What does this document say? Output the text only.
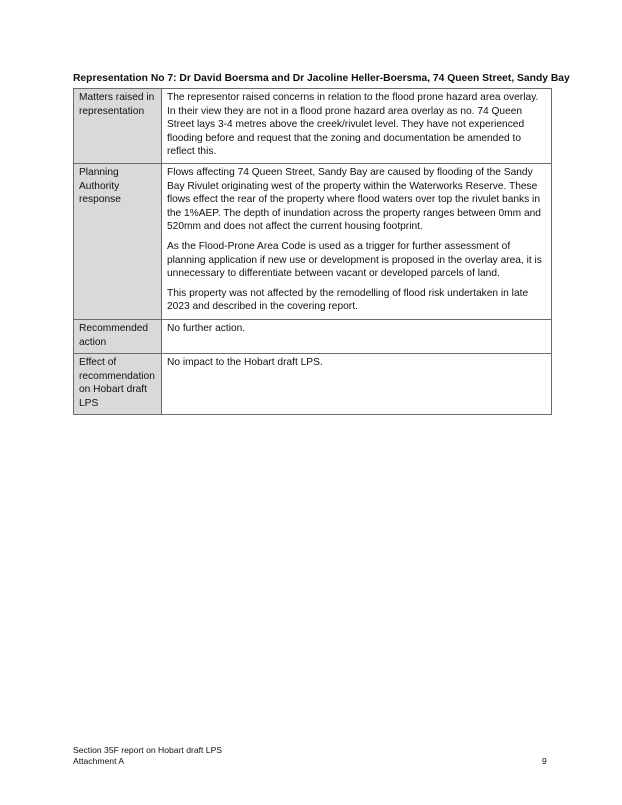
Representation No 7: Dr David Boersma and Dr Jacoline Heller-Boersma, 74 Queen Street, Sandy Bay
Matters raised in representation	The representor raised concerns in relation to the flood prone hazard area overlay. In their view they are not in a flood prone hazard area overlay as no. 74 Queen Street lays 3-4 metres above the creek/rivulet level. They have not experienced flooding before and request that the zoning and documentation be amended to reflect this.

Planning Authority response	Flows affecting 74 Queen Street, Sandy Bay are caused by flooding of the Sandy Bay Rivulet originating west of the property within the Waterworks Reserve. These flows effect the rear of the property where flood waters over top the rivulet banks in the 1%AEP. The depth of inundation across the property ranges between 0mm and 520mm and does not affect the current housing footprint.

As the Flood-Prone Area Code is used as a trigger for further assessment of planning application if new use or development is proposed in the overlay area, it is unnecessary to differentiate between vacant or developed parcels of land.

This property was not affected by the remodelling of flood risk undertaken in late 2023 and described in the covering report.

Recommended action	No further action.

Effect of recommendation on Hobart draft LPS	No impact to the Hobart draft LPS.

Section 35F report on Hobart draft LPS
Attachment A	9
